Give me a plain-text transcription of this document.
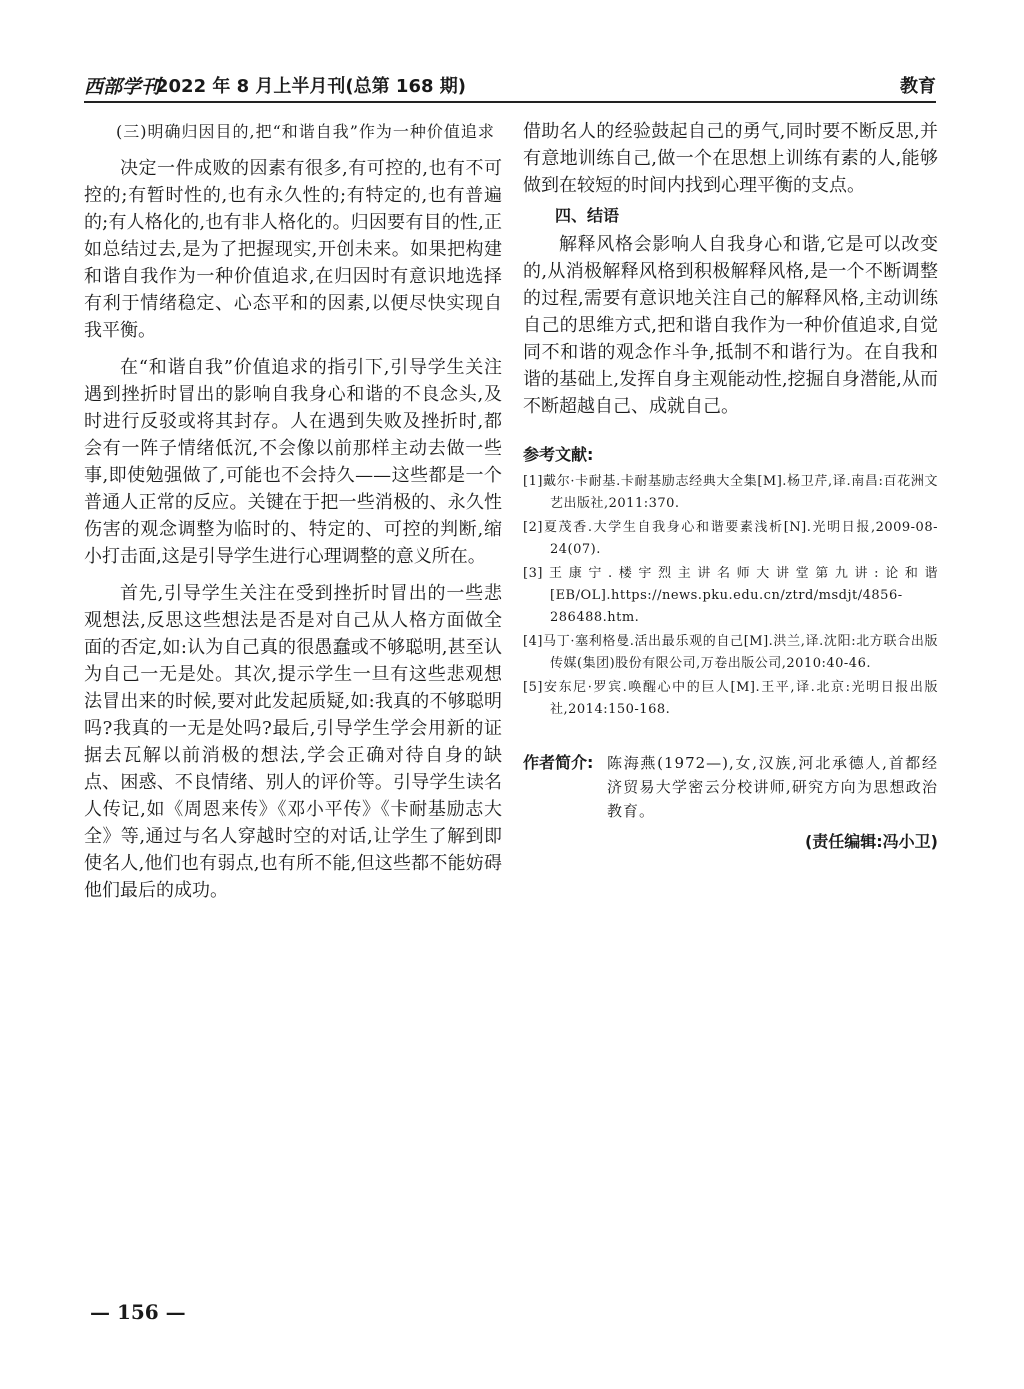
西部学刊
2022 年 8 月上半月刊(总第 168 期)	教育

(三)明确归因目的,把“和谐自我”作为一种价值追求

决定一件成败的因素有很多,有可控的,也有不可控的;有暂时性的,也有永久性的;有特定的,也有普遍的;有人格化的,也有非人格化的。归因要有目的性,正如总结过去,是为了把握现实,开创未来。如果把构建和谐自我作为一种价值追求,在归因时有意识地选择有利于情绪稳定、心态平和的因素,以便尽快实现自我平衡。

在“和谐自我”价值追求的指引下,引导学生关注遇到挫折时冒出的影响自我身心和谐的不良念头,及时进行反驳或将其封存。人在遇到失败及挫折时,都会有一阵子情绪低沉,不会像以前那样主动去做一些事,即使勉强做了,可能也不会持久——这些都是一个普通人正常的反应。关键在于把一些消极的、永久性伤害的观念调整为临时的、特定的、可控的判断,缩小打击面,这是引导学生进行心理调整的意义所在。

首先,引导学生关注在受到挫折时冒出的一些悲观想法,反思这些想法是否是对自己从人格方面做全面的否定,如:认为自己真的很愚蠢或不够聪明,甚至认为自己一无是处。其次,提示学生一旦有这些悲观想法冒出来的时候,要对此发起质疑,如:我真的不够聪明吗?我真的一无是处吗?最后,引导学生学会用新的证据去瓦解以前消极的想法,学会正确对待自身的缺点、困惑、不良情绪、别人的评价等。引导学生读名人传记,如《周恩来传》《邓小平传》《卡耐基励志大全》等,通过与名人穿越时空的对话,让学生了解到即使名人,他们也有弱点,也有所不能,但这些都不能妨碍他们最后的成功。

借助名人的经验鼓起自己的勇气,同时要不断反思,并有意地训练自己,做一个在思想上训练有素的人,能够做到在较短的时间内找到心理平衡的支点。

四、结语

解释风格会影响人自我身心和谐,它是可以改变的,从消极解释风格到积极解释风格,是一个不断调整的过程,需要有意识地关注自己的解释风格,主动训练自己的思维方式,把和谐自我作为一种价值追求,自觉同不和谐的观念作斗争,抵制不和谐行为。在自我和谐的基础上,发挥自身主观能动性,挖掘自身潜能,从而不断超越自己、成就自己。

参考文献:

[1]戴尔·卡耐基.卡耐基励志经典大全集[M].杨卫芹,译.南昌:百花洲文艺出版社,2011:370.

[2]夏茂香.大学生自我身心和谐要素浅析[N].光明日报,2009-08-24(07).

[3]王康宁.楼宇烈主讲名师大讲堂第九讲:论和谐[EB/OL].https://news.pku.edu.cn/ztrd/msdjt/4856-286488.htm.

[4]马丁·塞利格曼.活出最乐观的自己[M].洪兰,译.沈阳:北方联合出版传媒(集团)股份有限公司,万卷出版公司,2010:40-46.

[5]安东尼·罗宾.唤醒心中的巨人[M].王平,译.北京:光明日报出版社,2014:150-168.

作者简介: 陈海燕(1972—),女,汉族,河北承德人,首都经济贸易大学密云分校讲师,研究方向为思想政治教育。
(责任编辑:冯小卫)
— 156 —
